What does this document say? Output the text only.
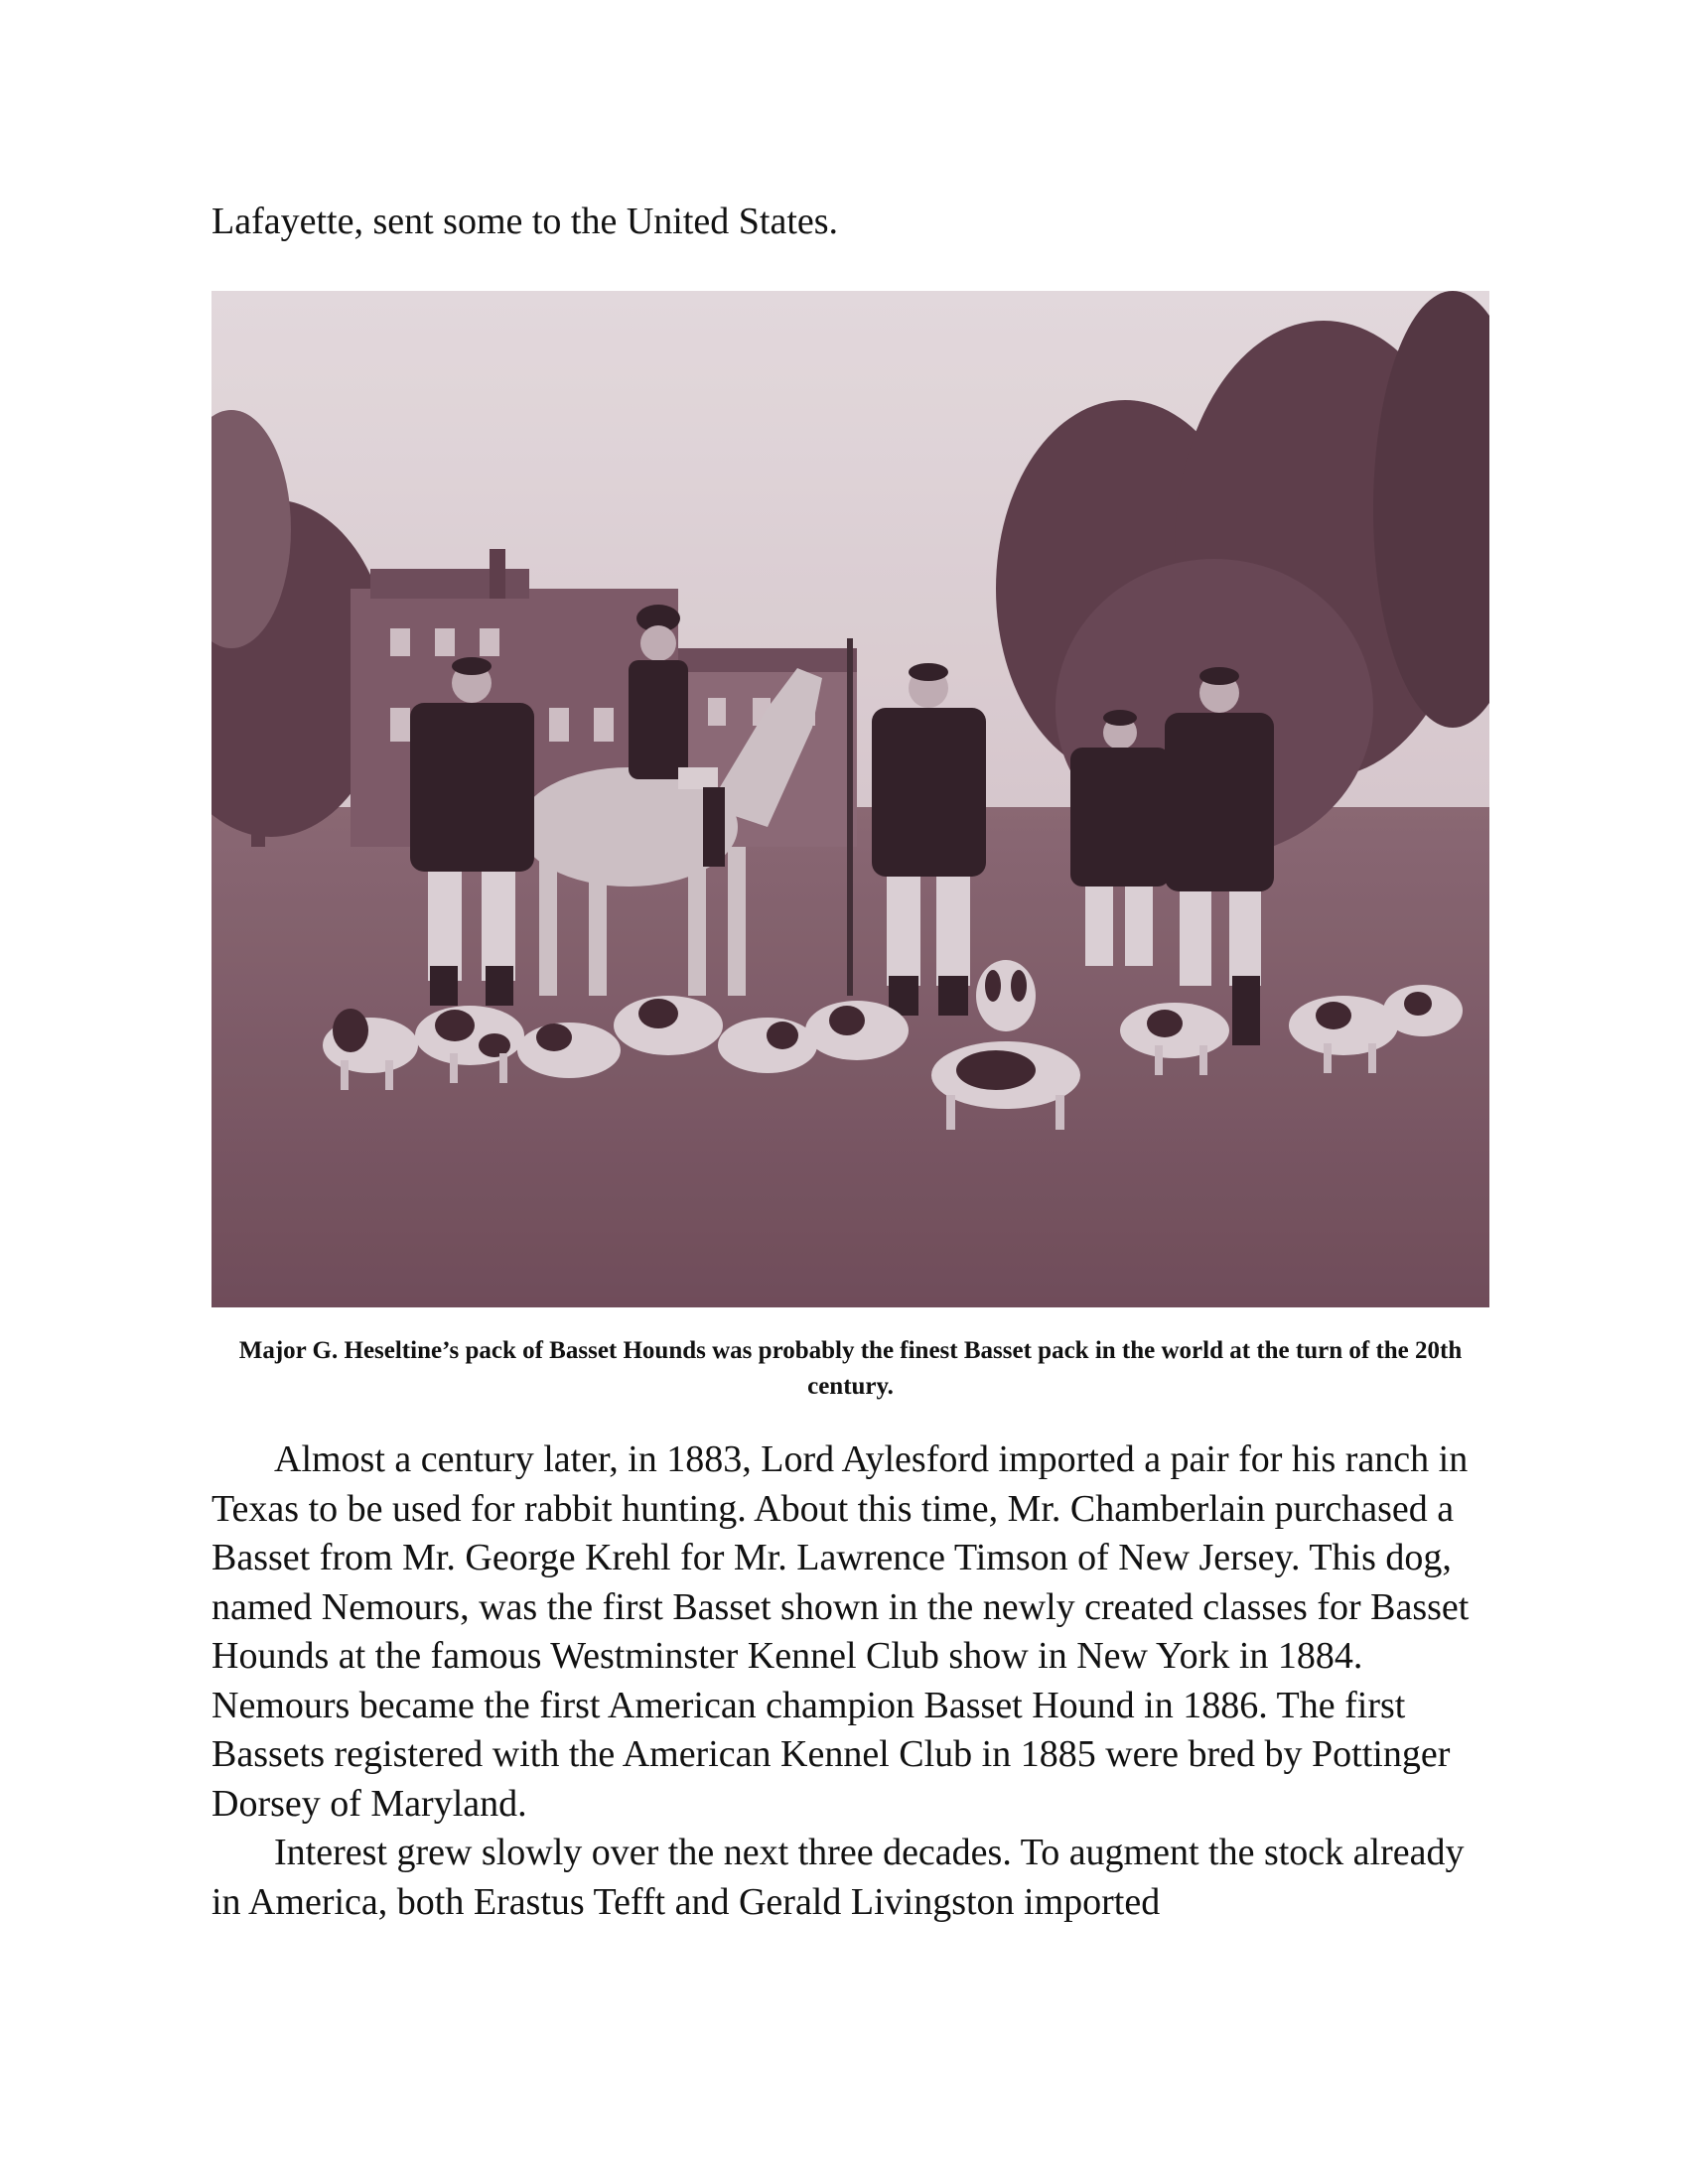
Lafayette, sent some to the United States.
Major G. Heseltine’s pack of Basset Hounds was probably the finest Basset pack in the world at the turn of the 20th century.

Almost a century later, in 1883, Lord Aylesford imported a pair for his ranch in Texas to be used for rabbit hunting. About this time, Mr. Chamberlain purchased a Basset from Mr. George Krehl for Mr. Lawrence Timson of New Jersey. This dog, named Nemours, was the first Basset shown in the newly created classes for Basset Hounds at the famous Westminster Kennel Club show in New York in 1884. Nemours became the first American champion Basset Hound in 1886. The first Bassets registered with the American Kennel Club in 1885 were bred by Pottinger Dorsey of Maryland.

Interest grew slowly over the next three decades. To augment the stock already in America, both Erastus Tefft and Gerald Livingston imported
